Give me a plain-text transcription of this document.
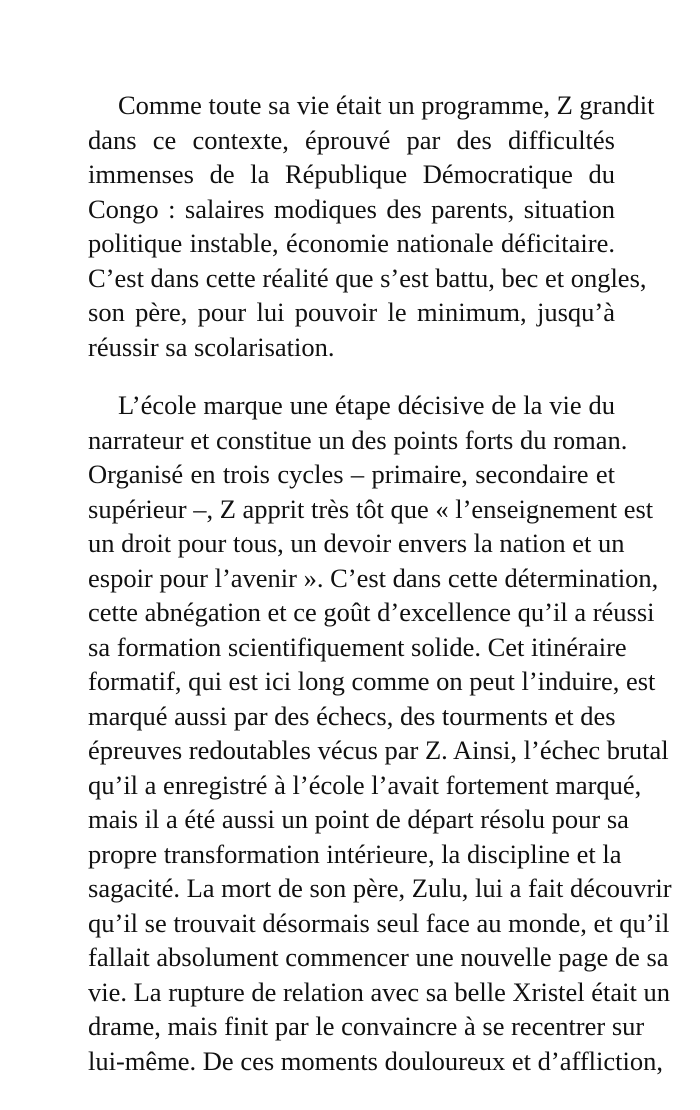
Comme toute sa vie était un programme, Z grandit
dans ce contexte, éprouvé par des difficultés
immenses de la République Démocratique du
Congo : salaires modiques des parents, situation
politique instable, économie nationale déficitaire.
C’est dans cette réalité que s’est battu, bec et ongles,
son père, pour lui pouvoir le minimum, jusqu’à
réussir sa scolarisation.
L’école marque une étape décisive de la vie du
narrateur et constitue un des points forts du roman.
Organisé en trois cycles – primaire, secondaire et
supérieur –, Z apprit très tôt que « l’enseignement est
un droit pour tous, un devoir envers la nation et un
espoir pour l’avenir ». C’est dans cette détermination,
cette abnégation et ce goût d’excellence qu’il a réussi
sa formation scientifiquement solide. Cet itinéraire
formatif, qui est ici long comme on peut l’induire, est
marqué aussi par des échecs, des tourments et des
épreuves redoutables vécus par Z. Ainsi, l’échec brutal
qu’il a enregistré à l’école l’avait fortement marqué,
mais il a été aussi un point de départ résolu pour sa
propre transformation intérieure, la discipline et la
sagacité. La mort de son père, Zulu, lui a fait découvrir
qu’il se trouvait désormais seul face au monde, et qu’il
fallait absolument commencer une nouvelle page de sa
vie. La rupture de relation avec sa belle Xristel était un
drame, mais finit par le convaincre à se recentrer sur
lui-même. De ces moments douloureux et d’affliction,
